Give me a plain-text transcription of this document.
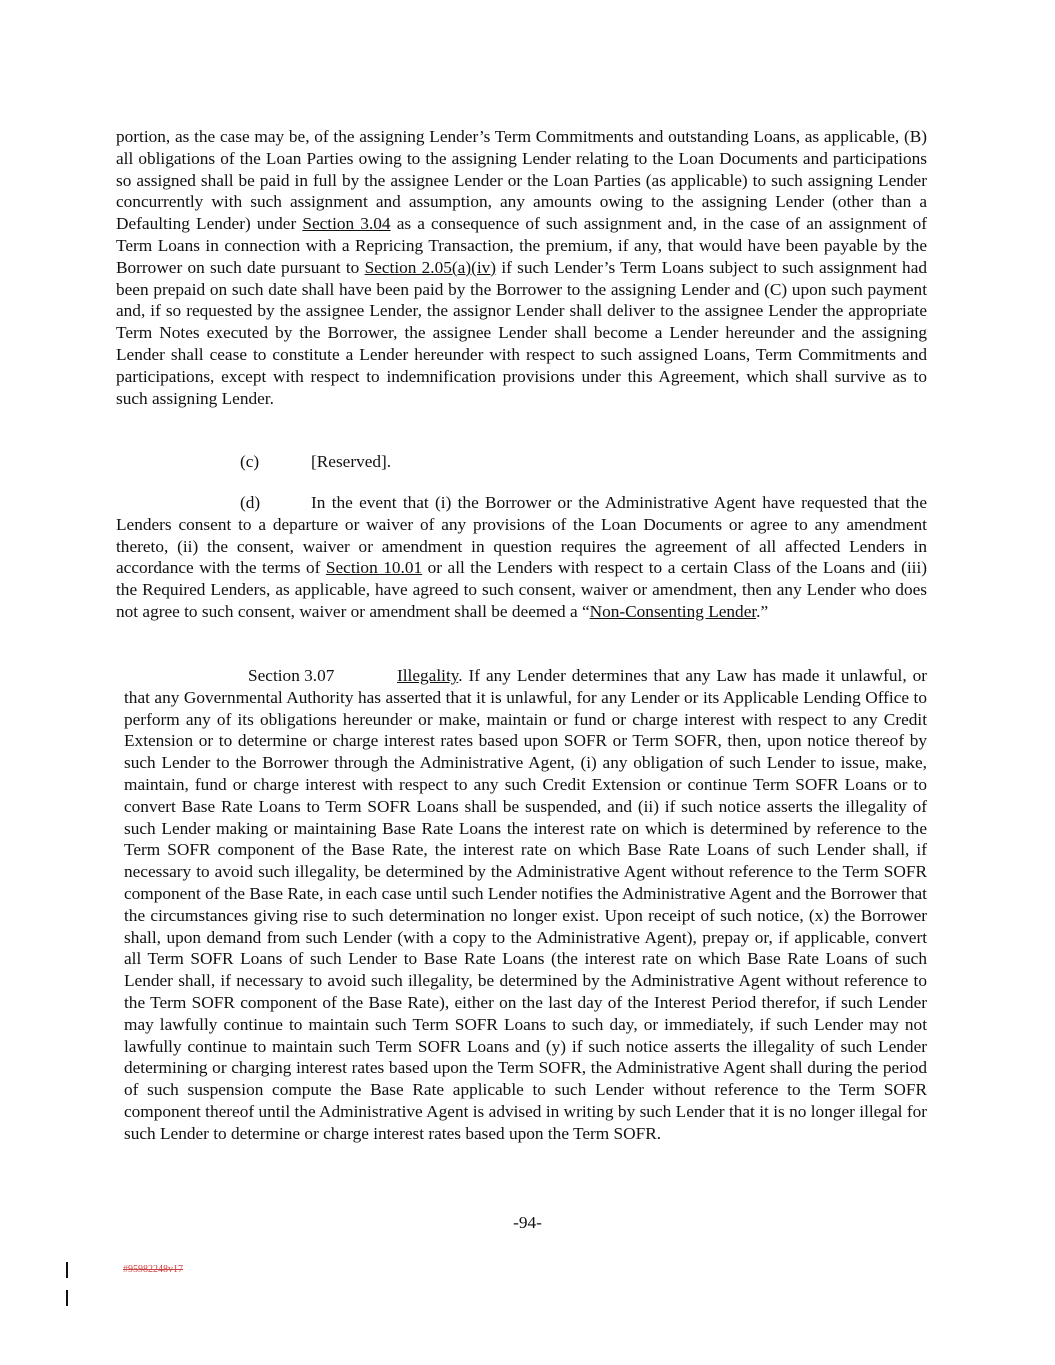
portion, as the case may be, of the assigning Lender’s Term Commitments and outstanding Loans, as applicable, (B) all obligations of the Loan Parties owing to the assigning Lender relating to the Loan Documents and participations so assigned shall be paid in full by the assignee Lender or the Loan Parties (as applicable) to such assigning Lender concurrently with such assignment and assumption, any amounts owing to the assigning Lender (other than a Defaulting Lender) under Section 3.04 as a consequence of such assignment and, in the case of an assignment of Term Loans in connection with a Repricing Transaction, the premium, if any, that would have been payable by the Borrower on such date pursuant to Section 2.05(a)(iv) if such Lender’s Term Loans subject to such assignment had been prepaid on such date shall have been paid by the Borrower to the assigning Lender and (C) upon such payment and, if so requested by the assignee Lender, the assignor Lender shall deliver to the assignee Lender the appropriate Term Notes executed by the Borrower, the assignee Lender shall become a Lender hereunder and the assigning Lender shall cease to constitute a Lender hereunder with respect to such assigned Loans, Term Commitments and participations, except with respect to indemnification provisions under this Agreement, which shall survive as to such assigning Lender.

(c)	[Reserved].

(d)	In the event that (i) the Borrower or the Administrative Agent have requested that the Lenders consent to a departure or waiver of any provisions of the Loan Documents or agree to any amendment thereto, (ii) the consent, waiver or amendment in question requires the agreement of all affected Lenders in accordance with the terms of Section 10.01 or all the Lenders with respect to a certain Class of the Loans and (iii) the Required Lenders, as applicable, have agreed to such consent, waiver or amendment, then any Lender who does not agree to such consent, waiver or amendment shall be deemed a “Non-Consenting Lender.”

Section 3.07	Illegality. If any Lender determines that any Law has made it unlawful, or that any Governmental Authority has asserted that it is unlawful, for any Lender or its Applicable Lending Office to perform any of its obligations hereunder or make, maintain or fund or charge interest with respect to any Credit Extension or to determine or charge interest rates based upon SOFR or Term SOFR, then, upon notice thereof by such Lender to the Borrower through the Administrative Agent, (i) any obligation of such Lender to issue, make, maintain, fund or charge interest with respect to any such Credit Extension or continue Term SOFR Loans or to convert Base Rate Loans to Term SOFR Loans shall be suspended, and (ii) if such notice asserts the illegality of such Lender making or maintaining Base Rate Loans the interest rate on which is determined by reference to the Term SOFR component of the Base Rate, the interest rate on which Base Rate Loans of such Lender shall, if necessary to avoid such illegality, be determined by the Administrative Agent without reference to the Term SOFR component of the Base Rate, in each case until such Lender notifies the Administrative Agent and the Borrower that the circumstances giving rise to such determination no longer exist. Upon receipt of such notice, (x) the Borrower shall, upon demand from such Lender (with a copy to the Administrative Agent), prepay or, if applicable, convert all Term SOFR Loans of such Lender to Base Rate Loans (the interest rate on which Base Rate Loans of such Lender shall, if necessary to avoid such illegality, be determined by the Administrative Agent without reference to the Term SOFR component of the Base Rate), either on the last day of the Interest Period therefor, if such Lender may lawfully continue to maintain such Term SOFR Loans to such day, or immediately, if such Lender may not lawfully continue to maintain such Term SOFR Loans and (y) if such notice asserts the illegality of such Lender determining or charging interest rates based upon the Term SOFR, the Administrative Agent shall during the period of such suspension compute the Base Rate applicable to such Lender without reference to the Term SOFR component thereof until the Administrative Agent is advised in writing by such Lender that it is no longer illegal for such Lender to determine or charge interest rates based upon the Term SOFR.

-94-
#95982248v17
